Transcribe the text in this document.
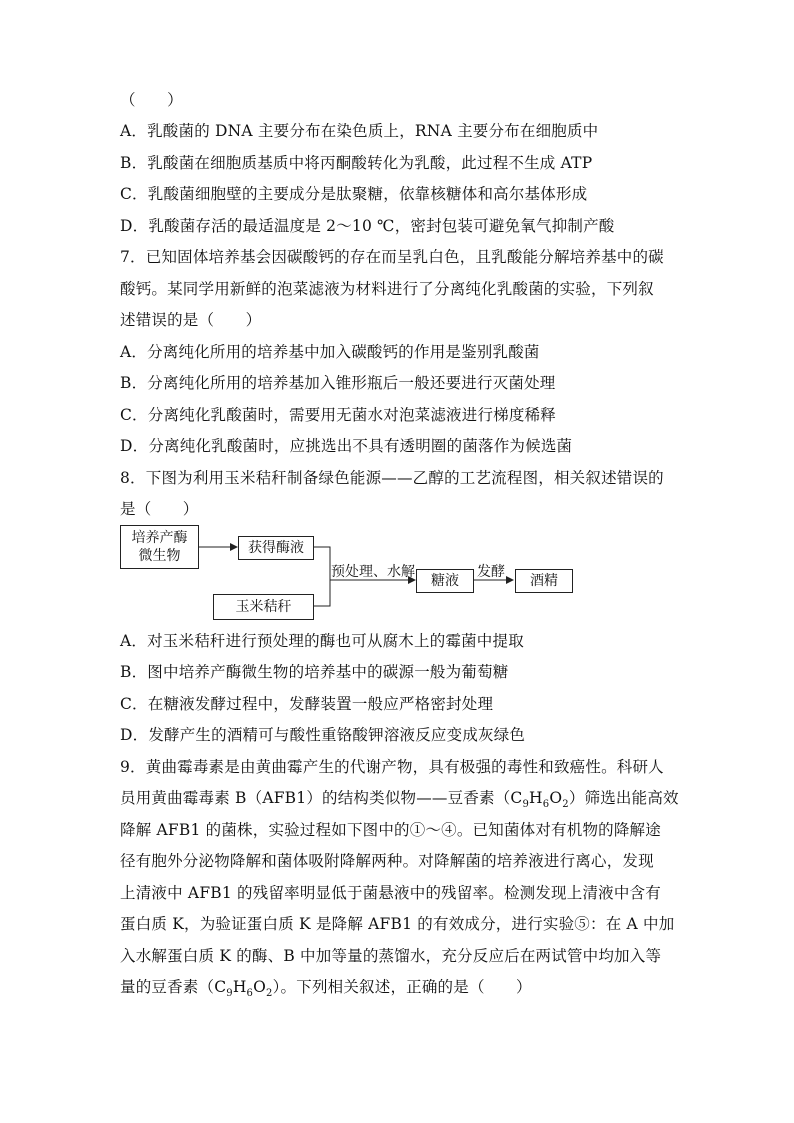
（　　）
A．乳酸菌的 DNA 主要分布在染色质上，RNA 主要分布在细胞质中
B．乳酸菌在细胞质基质中将丙酮酸转化为乳酸，此过程不生成 ATP
C．乳酸菌细胞壁的主要成分是肽聚糖，依靠核糖体和高尔基体形成
D．乳酸菌存活的最适温度是 2～10 ℃，密封包装可避免氧气抑制产酸
7．已知固体培养基会因碳酸钙的存在而呈乳白色，且乳酸能分解培养基中的碳
酸钙。某同学用新鲜的泡菜滤液为材料进行了分离纯化乳酸菌的实验，下列叙
述错误的是（　　）
A．分离纯化所用的培养基中加入碳酸钙的作用是鉴别乳酸菌
B．分离纯化所用的培养基加入锥形瓶后一般还要进行灭菌处理
C．分离纯化乳酸菌时，需要用无菌水对泡菜滤液进行梯度稀释
D．分离纯化乳酸菌时，应挑选出不具有透明圈的菌落作为候选菌
8．下图为利用玉米秸秆制备绿色能源——乙醇的工艺流程图，相关叙述错误的
是（　　）
培养产酶
微生物	获得酶液
玉米秸秆
预处理、水解
糖液
发酵
酒精
A．对玉米秸秆进行预处理的酶也可从腐木上的霉菌中提取
B．图中培养产酶微生物的培养基中的碳源一般为葡萄糖
C．在糖液发酵过程中，发酵装置一般应严格密封处理
D．发酵产生的酒精可与酸性重铬酸钾溶液反应变成灰绿色
9．黄曲霉毒素是由黄曲霉产生的代谢产物，具有极强的毒性和致癌性。科研人
员用黄曲霉毒素 B（AFB1）的结构类似物——豆香素$(C_9H_6O_2)$筛选出能高效
降解 AFB1 的菌株，实验过程如下图中的①～④。已知菌体对有机物的降解途
径有胞外分泌物降解和菌体吸附降解两种。对降解菌的培养液进行离心，发现
上清液中 AFB1 的残留率明显低于菌悬液中的残留率。检测发现上清液中含有
蛋白质 K，为验证蛋白质 K 是降解 AFB1 的有效成分，进行实验⑤：在 A 中加
入水解蛋白质 K 的酶、B 中加等量的蒸馏水，充分反应后在两试管中均加入等
量的豆香素$(C_9H_6O_2)$。下列相关叙述，正确的是（　　）
